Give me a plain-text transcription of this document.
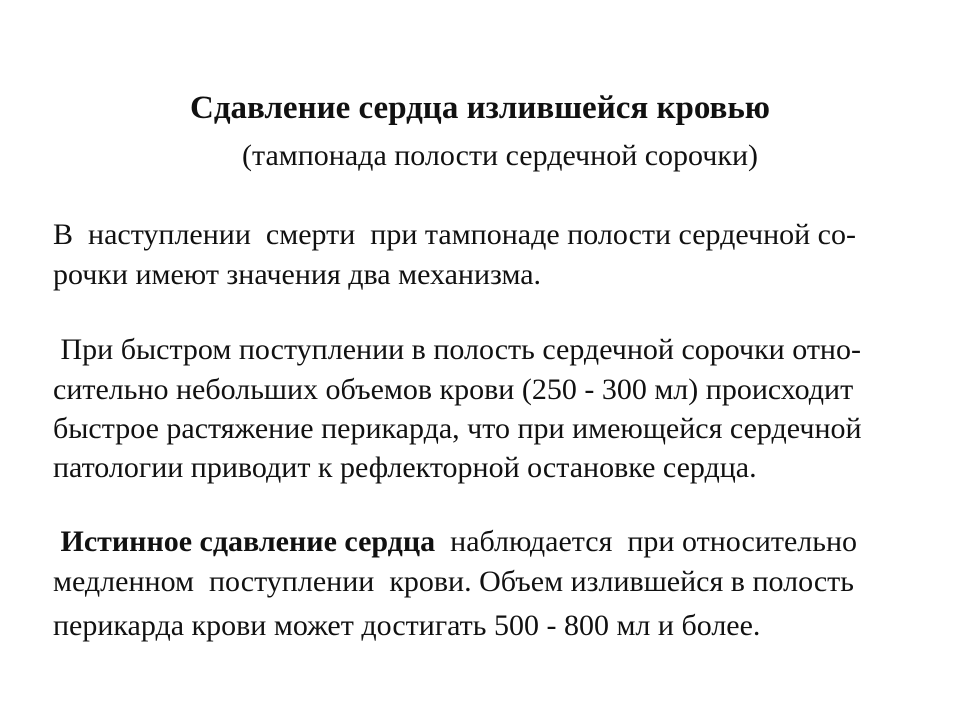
Сдавление сердца излившейся кровью
(тампонада полости сердечной сорочки)
В  наступлении  смерти  при тампонаде полости сердечной со-
рочки имеют значения два механизма.
При быстром поступлении в полость сердечной сорочки отно-
сительно небольших объемов крови (250 - 300 мл) происходит
быстрое растяжение перикарда, что при имеющейся сердечной
патологии приводит к рефлекторной остановке сердца.
Истинное сдавление сердца  наблюдается  при относительно
медленном  поступлении  крови. Объем излившейся в полость
перикарда крови может достигать 500 - 800 мл и более.
